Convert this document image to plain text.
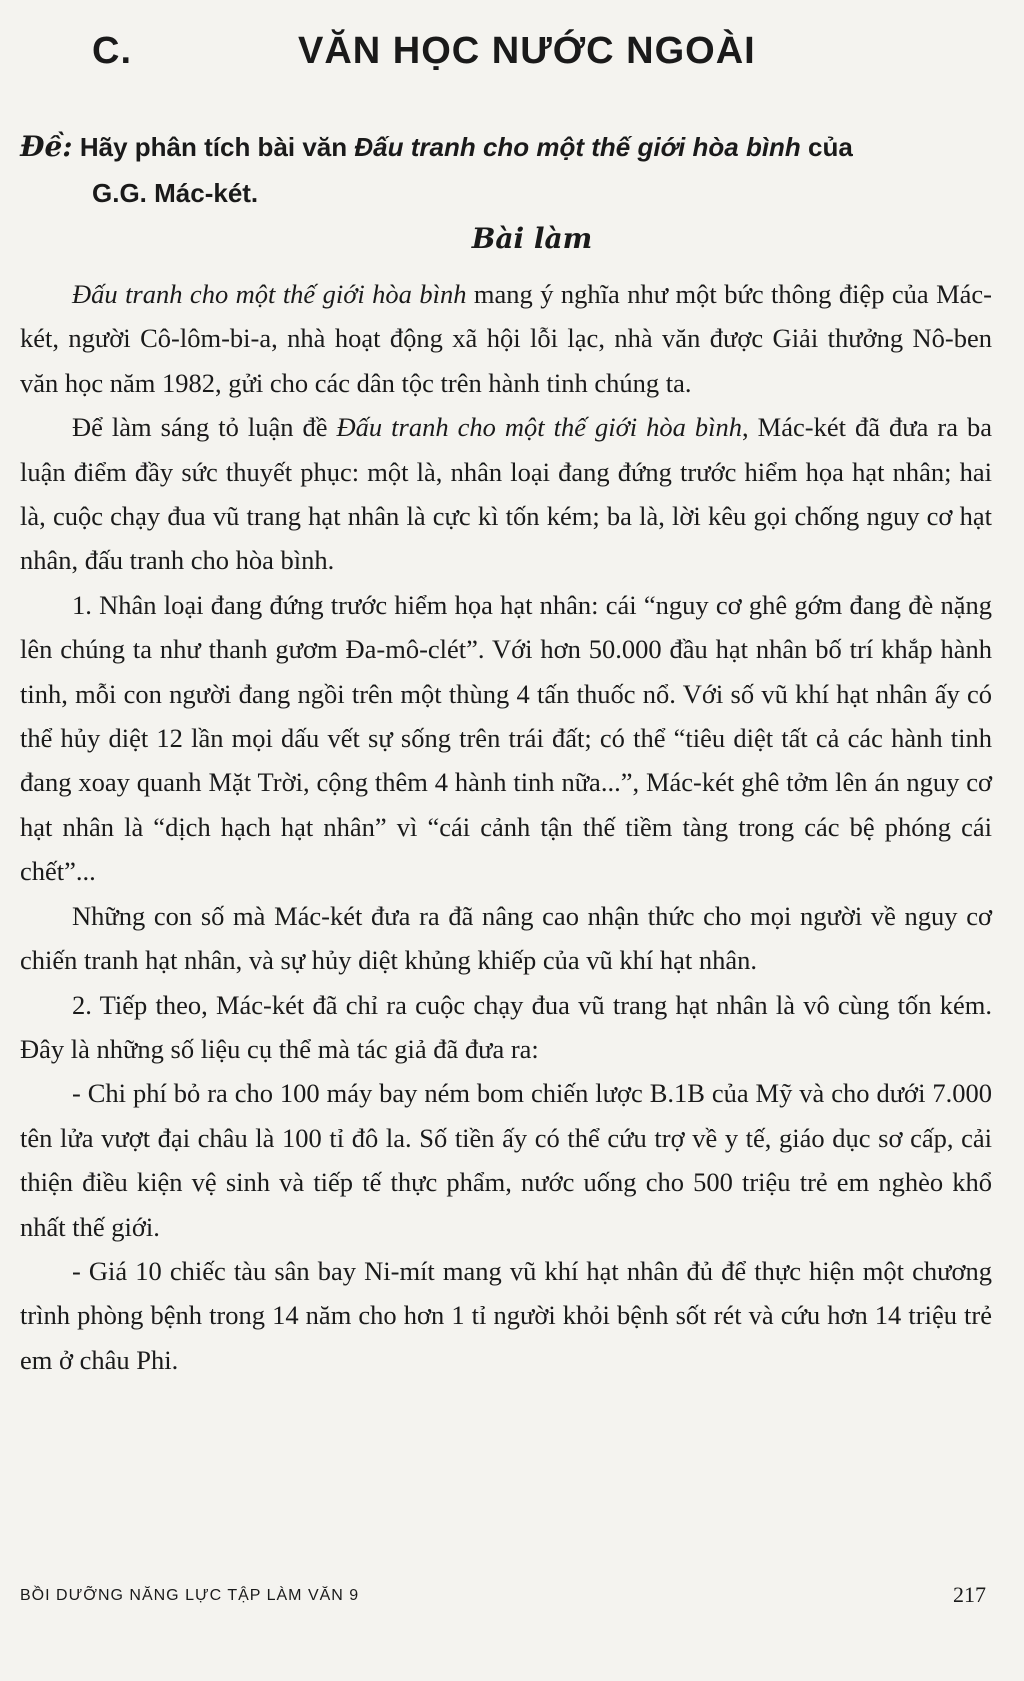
C.	VĂN HỌC NƯỚC NGOÀI
Đề: Hãy phân tích bài văn Đấu tranh cho một thế giới hòa bình của
G.G. Mác-két.
Bài làm

Đấu tranh cho một thế giới hòa bình mang ý nghĩa như một bức thông điệp của Mác-két, người Cô-lôm-bi-a, nhà hoạt động xã hội lỗi lạc, nhà văn được Giải thưởng Nô-ben văn học năm 1982, gửi cho các dân tộc trên hành tinh chúng ta.

Để làm sáng tỏ luận đề Đấu tranh cho một thế giới hòa bình, Mác-két đã đưa ra ba luận điểm đầy sức thuyết phục: một là, nhân loại đang đứng trước hiểm họa hạt nhân; hai là, cuộc chạy đua vũ trang hạt nhân là cực kì tốn kém; ba là, lời kêu gọi chống nguy cơ hạt nhân, đấu tranh cho hòa bình.

1. Nhân loại đang đứng trước hiểm họa hạt nhân: cái “nguy cơ ghê gớm đang đè nặng lên chúng ta như thanh gươm Đa-mô-clét”. Với hơn 50.000 đầu hạt nhân bố trí khắp hành tinh, mỗi con người đang ngồi trên một thùng 4 tấn thuốc nổ. Với số vũ khí hạt nhân ấy có thể hủy diệt 12 lần mọi dấu vết sự sống trên trái đất; có thể “tiêu diệt tất cả các hành tinh đang xoay quanh Mặt Trời, cộng thêm 4 hành tinh nữa...”, Mác-két ghê tởm lên án nguy cơ hạt nhân là “dịch hạch hạt nhân” vì “cái cảnh tận thế tiềm tàng trong các bệ phóng cái chết”...

Những con số mà Mác-két đưa ra đã nâng cao nhận thức cho mọi người về nguy cơ chiến tranh hạt nhân, và sự hủy diệt khủng khiếp của vũ khí hạt nhân.

2. Tiếp theo, Mác-két đã chỉ ra cuộc chạy đua vũ trang hạt nhân là vô cùng tốn kém. Đây là những số liệu cụ thể mà tác giả đã đưa ra:

- Chi phí bỏ ra cho 100 máy bay ném bom chiến lược B.1B của Mỹ và cho dưới 7.000 tên lửa vượt đại châu là 100 tỉ đô la. Số tiền ấy có thể cứu trợ về y tế, giáo dục sơ cấp, cải thiện điều kiện vệ sinh và tiếp tế thực phẩm, nước uống cho 500 triệu trẻ em nghèo khổ nhất thế giới.

- Giá 10 chiếc tàu sân bay Ni-mít mang vũ khí hạt nhân đủ để thực hiện một chương trình phòng bệnh trong 14 năm cho hơn 1 tỉ người khỏi bệnh sốt rét và cứu hơn 14 triệu trẻ em ở châu Phi.

BỒI DƯỠNG NĂNG LỰC TẬP LÀM VĂN 9	217
